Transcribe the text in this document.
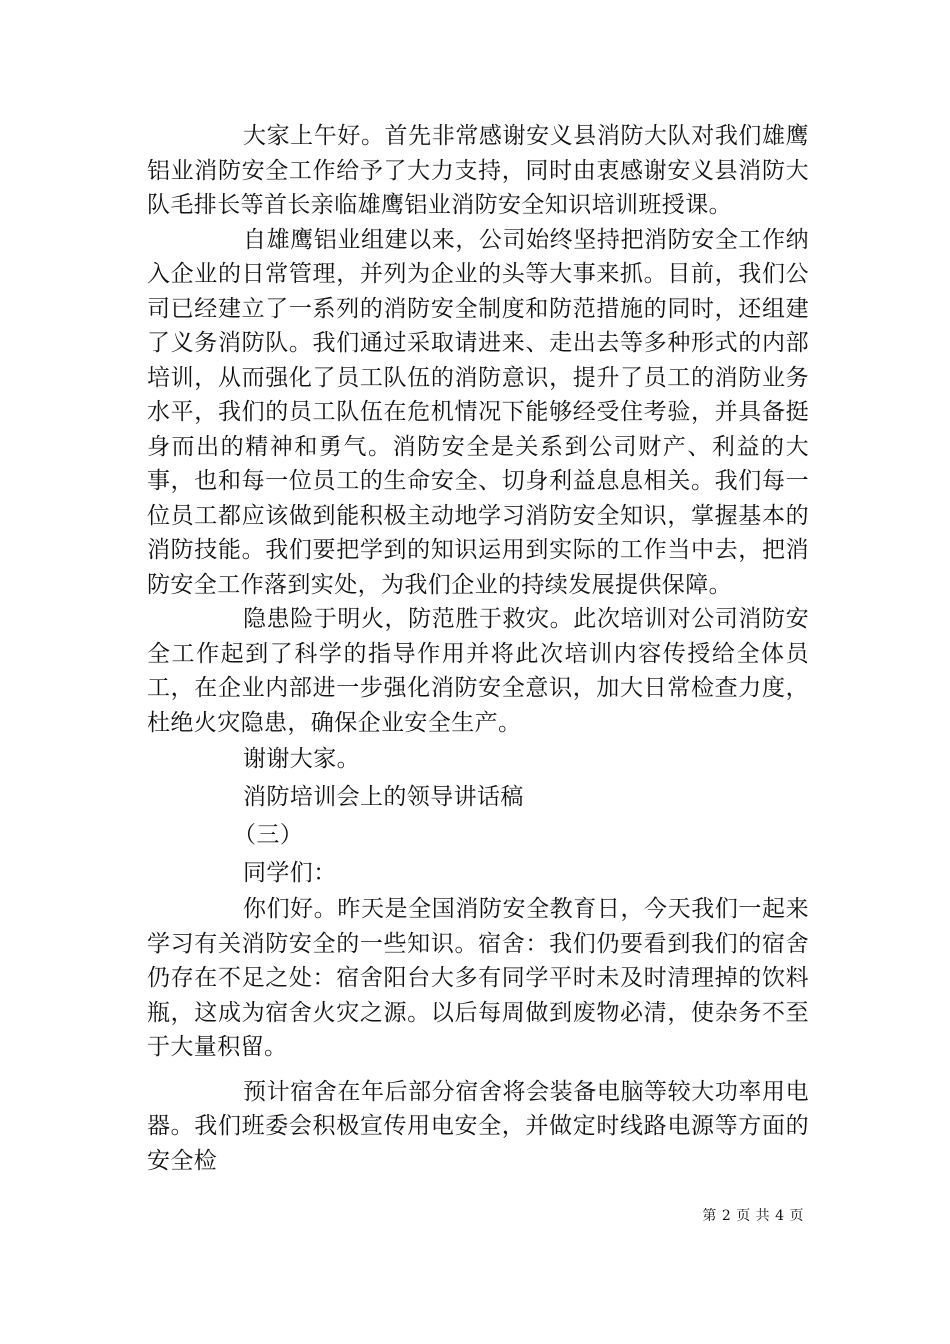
大家上午好。首先非常感谢安义县消防大队对我们雄鹰铝业消防安全工作给予了大力支持，同时由衷感谢安义县消防大队毛排长等首长亲临雄鹰铝业消防安全知识培训班授课。

自雄鹰铝业组建以来，公司始终坚持把消防安全工作纳入企业的日常管理，并列为企业的头等大事来抓。目前，我们公司已经建立了一系列的消防安全制度和防范措施的同时，还组建了义务消防队。我们通过采取请进来、走出去等多种形式的内部培训，从而强化了员工队伍的消防意识，提升了员工的消防业务水平，我们的员工队伍在危机情况下能够经受住考验，并具备挺身而出的精神和勇气。消防安全是关系到公司财产、利益的大事，也和每一位员工的生命安全、切身利益息息相关。我们每一位员工都应该做到能积极主动地学习消防安全知识，掌握基本的消防技能。我们要把学到的知识运用到实际的工作当中去，把消防安全工作落到实处，为我们企业的持续发展提供保障。

隐患险于明火，防范胜于救灾。此次培训对公司消防安全工作起到了科学的指导作用并将此次培训内容传授给全体员工，在企业内部进一步强化消防安全意识，加大日常检查力度，杜绝火灾隐患，确保企业安全生产。

谢谢大家。

消防培训会上的领导讲话稿

（三）

同学们：

你们好。昨天是全国消防安全教育日，今天我们一起来学习有关消防安全的一些知识。宿舍：我们仍要看到我们的宿舍仍存在不足之处：宿舍阳台大多有同学平时未及时清理掉的饮料瓶，这成为宿舍火灾之源。以后每周做到废物必清，使杂务不至于大量积留。

预计宿舍在年后部分宿舍将会装备电脑等较大功率用电器。我们班委会积极宣传用电安全，并做定时线路电源等方面的安全检

第 2 页 共 4 页
